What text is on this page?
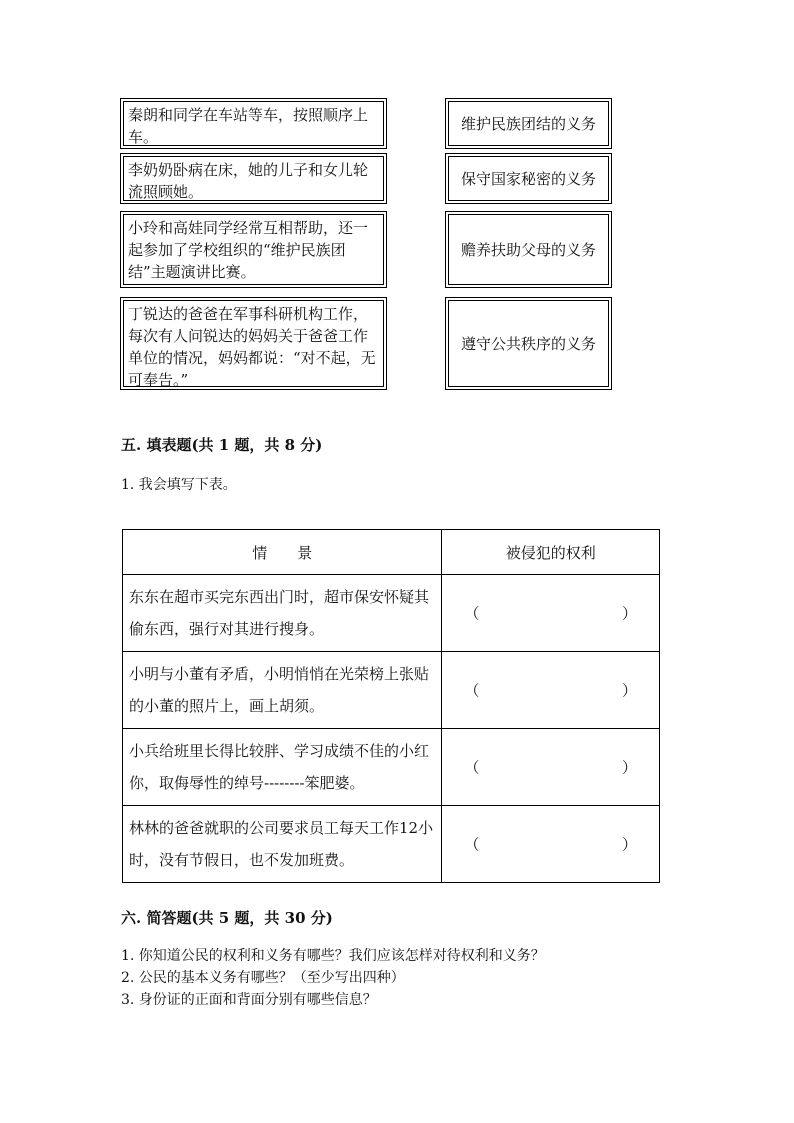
秦朗和同学在车站等车，按照顺序上车。
李奶奶卧病在床，她的儿子和女儿轮流照顾她。
小玲和高娃同学经常互相帮助，还一起参加了学校组织的“维护民族团结”主题演讲比赛。
丁锐达的爸爸在军事科研机构工作，每次有人问锐达的妈妈关于爸爸工作单位的情况，妈妈都说：“对不起，无可奉告。”
维护民族团结的义务
保守国家秘密的义务
赡养扶助父母的义务
遵守公共秩序的义务
五. 填表题(共 1 题，共 8 分)
1. 我会填写下表。
情　　景	被侵犯的权利
东东在超市买完东西出门时，超市保安怀疑其偷东西，强行对其进行搜身。	（ ）

小明与小董有矛盾，小明悄悄在光荣榜上张贴的小董的照片上，画上胡须。	（ ）

小兵给班里长得比较胖、学习成绩不佳的小红你，取侮辱性的绰号--------笨肥婆。	（ ）

林林的爸爸就职的公司要求员工每天工作12小时，没有节假日，也不发加班费。	（ ）
六. 简答题(共 5 题，共 30 分)
1. 你知道公民的权利和义务有哪些？我们应该怎样对待权利和义务？
2. 公民的基本义务有哪些？（至少写出四种）
3. 身份证的正面和背面分别有哪些信息？
